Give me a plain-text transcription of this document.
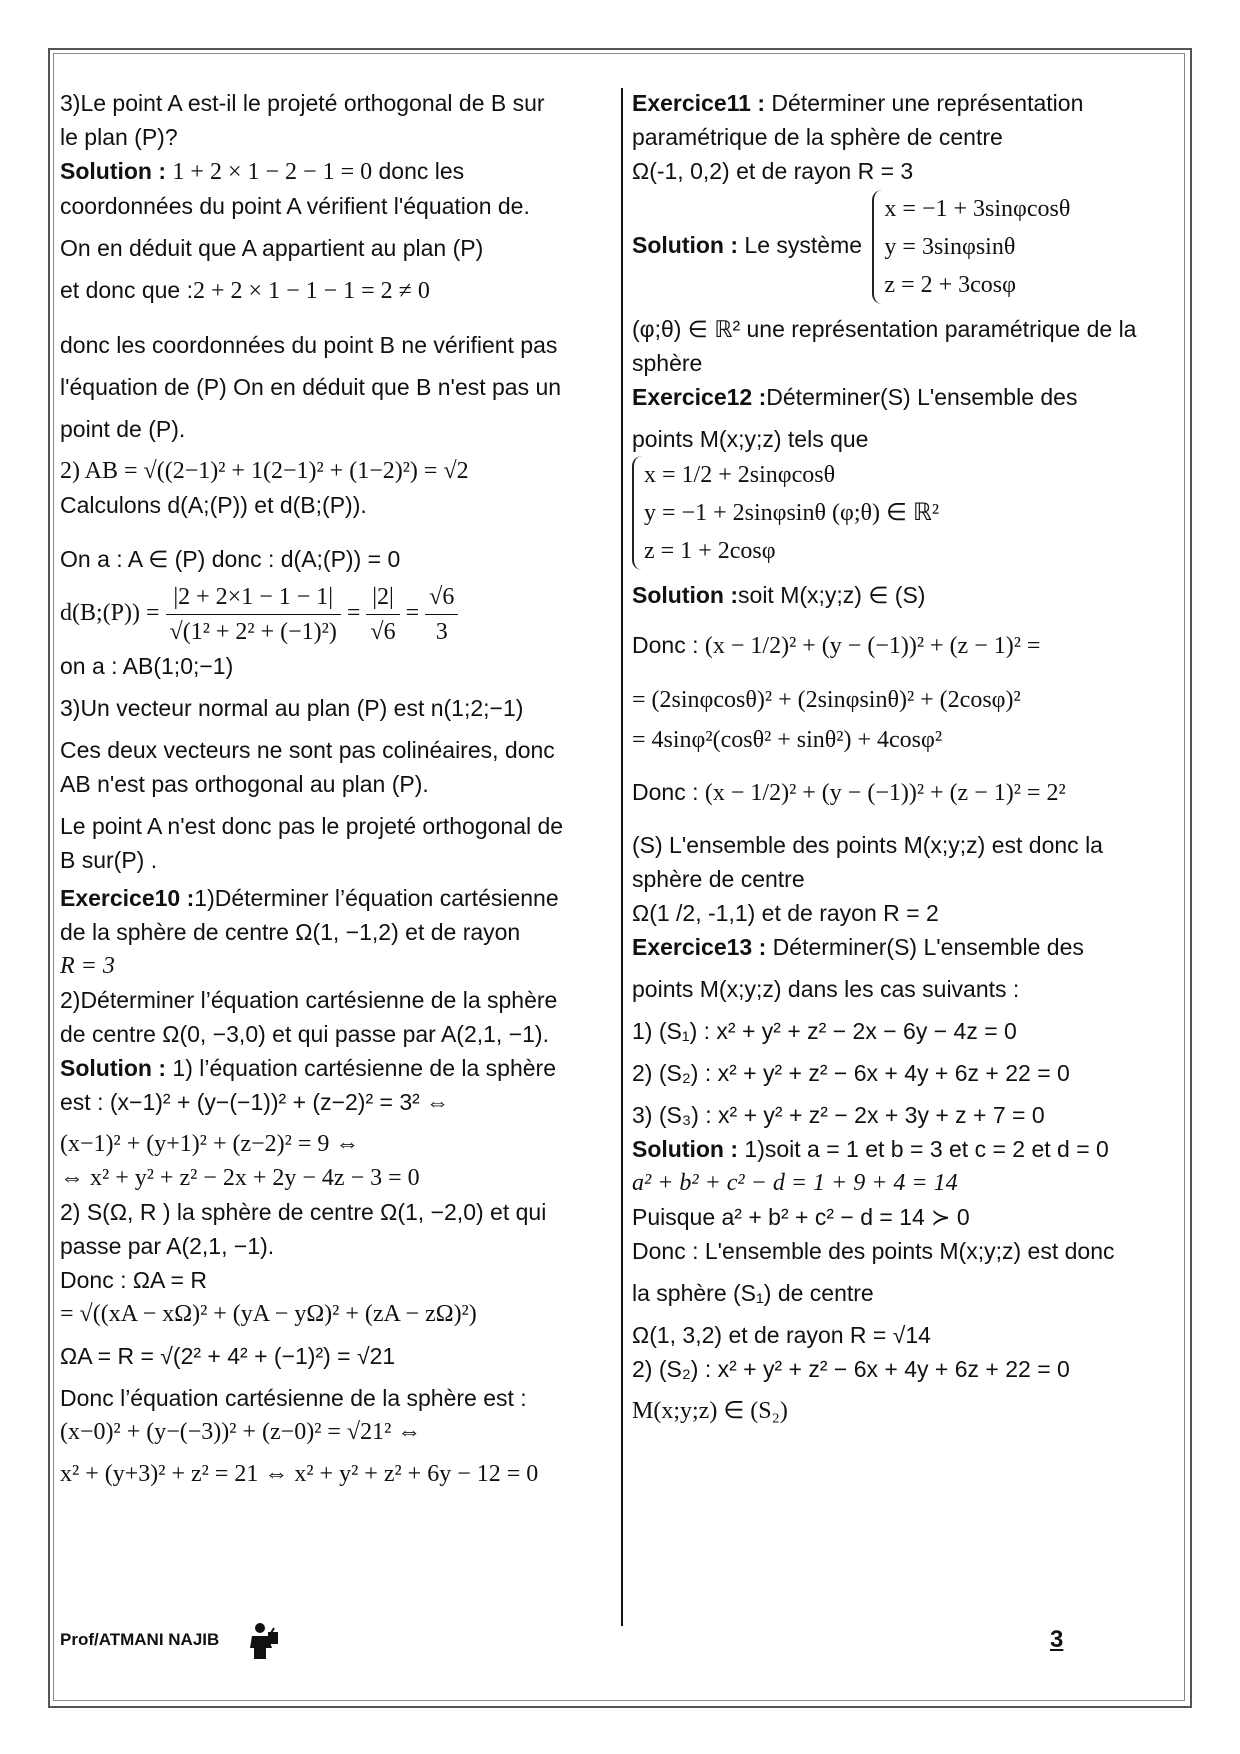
3)Le point A est-il le projeté orthogonal de B sur
le plan (P)?
Solution : 1 + 2 × 1 − 2 − 1 = 0 donc les
coordonnées du point A vérifient l'équation de.
On en déduit que A appartient au plan (P)
et donc que :2 + 2 × 1 − 1 − 1 = 2 ≠ 0
donc les coordonnées du point B ne vérifient pas
l'équation de (P) On en déduit que B n'est pas un
point de (P).
2) AB = √((2−1)² + 1(2−1)² + (1−2)²) = √2
Calculons d(A;(P)) et d(B;(P)).
On a : A ∈ (P) donc : d(A;(P)) = 0
d(B;(P)) = $\frac{|2 + 2\times 1 - 1 - 1|}{\text{√(1² + 2² + (−1)²)}} = \frac{|2|}{√6} = \frac{√6}{3}$
on a : AB(1;0;−1)
3)Un vecteur normal au plan (P) est n(1;2;−1)
Ces deux vecteurs ne sont pas colinéaires, donc
AB n'est pas orthogonal au plan (P).
Le point A n'est donc pas le projeté orthogonal de
B sur(P) .
Exercice10 :1)Déterminer l’équation cartésienne
de la sphère de centre Ω(1, −1,2) et de rayon
R = 3
2)Déterminer l’équation cartésienne de la sphère
de centre Ω(0, −3,0) et qui passe par A(2,1, −1).
Solution : 1) l’équation cartésienne de la sphère
est : (x−1)² + (y−(−1))² + (z−2)² = 3² ⇔
(x−1)² + (y+1)² + (z−2)² = 9 ⇔
⇔ x² + y² + z² − 2x + 2y − 4z − 3 = 0
2) S(Ω, R ) la sphère de centre Ω(1, −2,0) et qui
passe par A(2,1, −1).
Donc : ΩA = R
= √((xA − xΩ)² + (yA − yΩ)² + (zA − zΩ)²)
ΩA = R = √(2² + 4² + (−1)²) = √21
Donc l’équation cartésienne de la sphère est :
(x−0)² + (y−(−3))² + (z−0)² = √21² ⇔
x² + (y+3)² + z² = 21 ⇔ x² + y² + z² + 6y − 12 = 0
Exercice11 : Déterminer une représentation
paramétrique de la sphère de centre
Ω(-1, 0,2) et de rayon R = 3
Solution : Le système
x = −1 + 3sinφcosθ
y = 3sinφsinθ
z = 2 + 3cosφ
(φ;θ) ∈ ℝ² une représentation paramétrique de la
sphère
Exercice12 :Déterminer(S) L'ensemble des
points M(x;y;z) tels que
x = 1/2 + 2sinφcosθ
y = −1 + 2sinφsinθ (φ;θ) ∈ ℝ²
z = 1 + 2cosφ
Solution :soit M(x;y;z) ∈ (S)
Donc : (x − 1/2)² + (y − (−1))² + (z − 1)² =
= (2sinφcosθ)² + (2sinφsinθ)² + (2cosφ)²
= 4sinφ²(cosθ² + sinθ²) + 4cosφ²
Donc : (x − 1/2)² + (y − (−1))² + (z − 1)² = 2²
(S) L'ensemble des points M(x;y;z) est donc la
sphère de centre
Ω(1 /2, -1,1) et de rayon R = 2
Exercice13 : Déterminer(S) L'ensemble des
points M(x;y;z) dans les cas suivants :
1) (S₁) : x² + y² + z² − 2x − 6y − 4z = 0
2) (S₂) : x² + y² + z² − 6x + 4y + 6z + 22 = 0
3) (S₃) : x² + y² + z² − 2x + 3y + z + 7 = 0
Solution : 1)soit a = 1 et b = 3 et c = 2 et d = 0
a² + b² + c² − d = 1 + 9 + 4 = 14
Puisque a² + b² + c² − d = 14 ≻ 0
Donc : L'ensemble des points M(x;y;z) est donc
la sphère (S₁) de centre
Ω(1, 3,2) et de rayon R = √14
2) (S₂) : x² + y² + z² − 6x + 4y + 6z + 22 = 0
M(x;y;z) ∈ (S₂)
Prof/ATMANI NAJIB	3
